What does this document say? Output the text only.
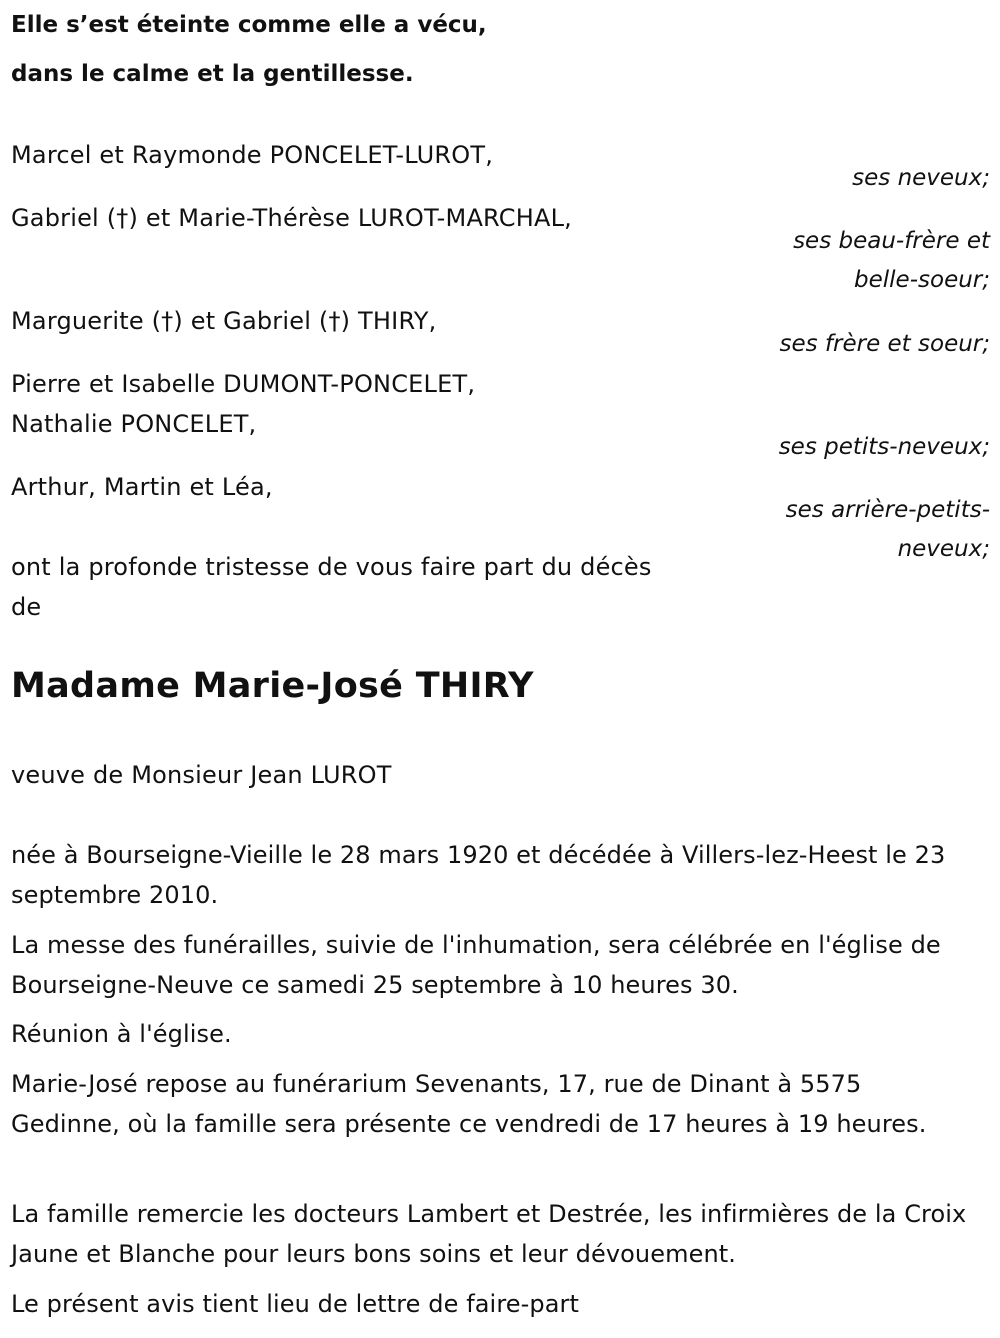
Elle s’est éteinte comme elle a vécu,
dans le calme et la gentillesse.
Marcel et Raymonde PONCELET-LUROT,
Gabriel (†) et Marie-Thérèse LUROT-MARCHAL,
Marguerite (†) et Gabriel (†) THIRY,
Pierre et Isabelle DUMONT-PONCELET,
Nathalie PONCELET,
Arthur, Martin et Léa,
ses neveux;
ses beau-frère et
belle-soeur;
ses frère et soeur;
ses petits-neveux;
ses arrière-petits-
neveux;
ont la profonde tristesse de vous faire part du décès
de
Madame Marie-José THIRY
veuve de Monsieur Jean LUROT
née à Bourseigne-Vieille le 28 mars 1920 et décédée à Villers-lez-Heest le 23 septembre 2010.
La messe des funérailles, suivie de l'inhumation, sera célébrée en l'église de Bourseigne-Neuve ce samedi 25 septembre à 10 heures 30.
Réunion à l'église.
Marie-José repose au funérarium Sevenants, 17, rue de Dinant à 5575 Gedinne, où la famille sera présente ce vendredi de 17 heures à 19 heures.
La famille remercie les docteurs Lambert et Destrée, les infirmières de la Croix Jaune et Blanche pour leurs bons soins et leur dévouement.
Le présent avis tient lieu de lettre de faire-part
